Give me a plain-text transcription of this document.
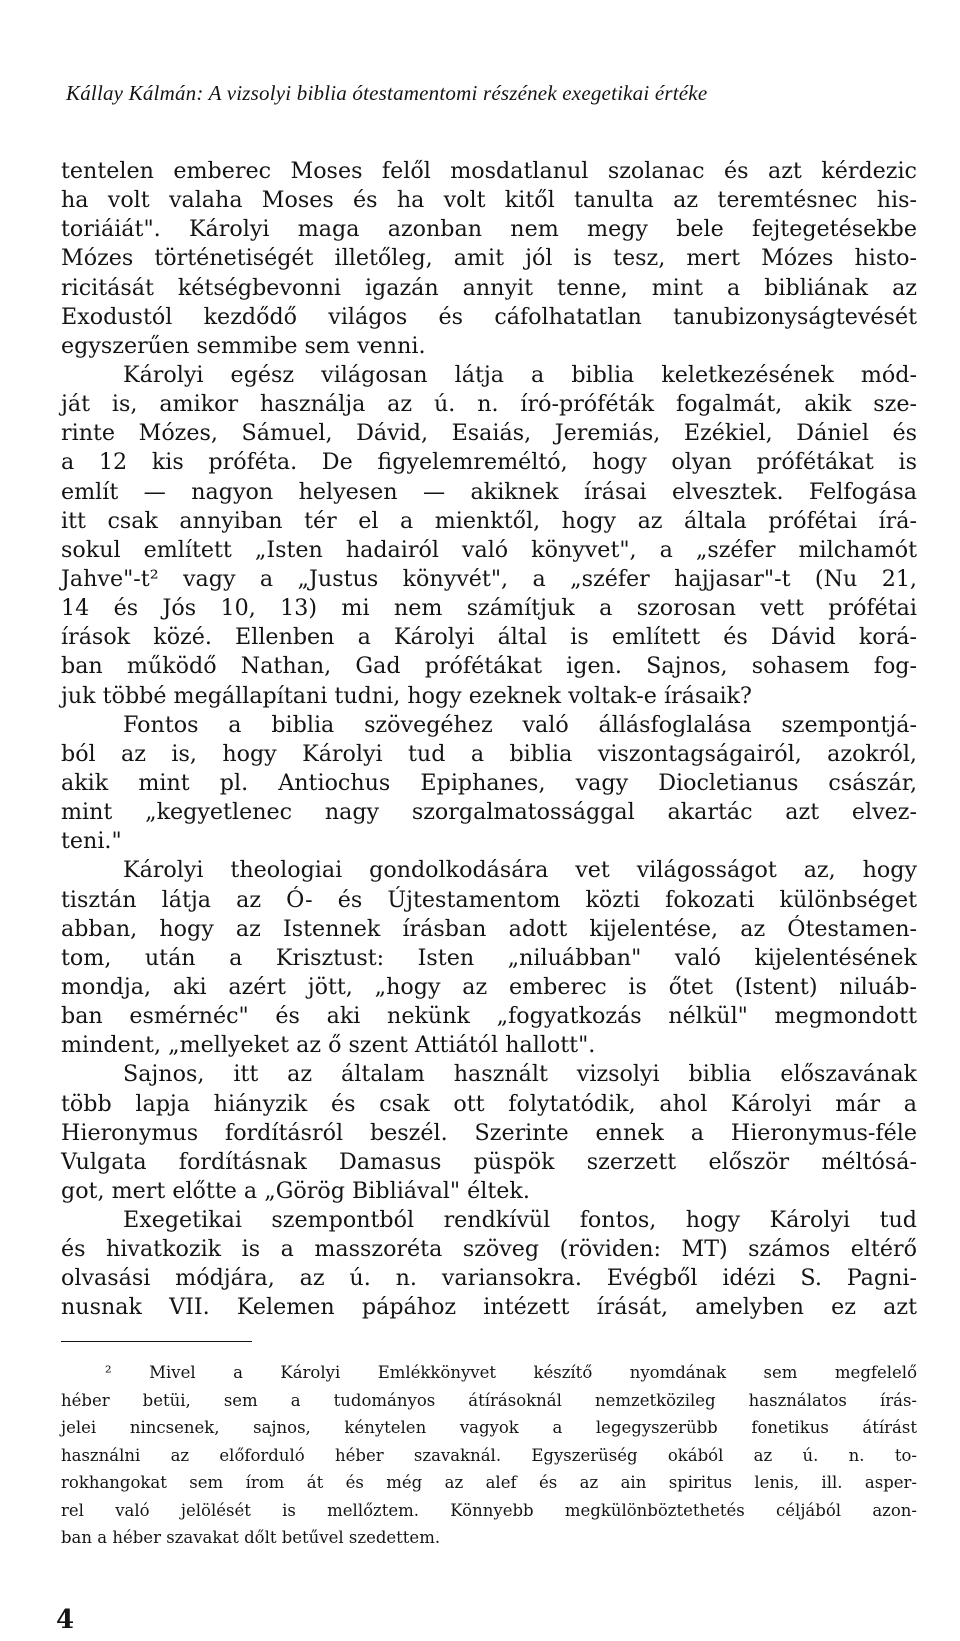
Kállay Kálmán: A vizsolyi biblia ótestamentomi részének exegetikai értéke
tentelen emberec Moses felől mosdatlanul szolanac és azt kérdezic
ha volt valaha Moses és ha volt kitől tanulta az teremtésnec his-
toriáiát". Károlyi maga azonban nem megy bele fejtegetésekbe
Mózes történetiségét illetőleg, amit jól is tesz, mert Mózes histo-
ricitását kétségbevonni igazán annyit tenne, mint a bibliának az
Exodustól kezdődő világos és cáfolhatatlan tanubizonyságtevését
egyszerűen semmibe sem venni.
Károlyi egész világosan látja a biblia keletkezésének mód-
ját is, amikor használja az ú. n. író-próféták fogalmát, akik sze-
rinte Mózes, Sámuel, Dávid, Esaiás, Jeremiás, Ezékiel, Dániel és
a 12 kis próféta. De figyelemreméltó, hogy olyan prófétákat is
említ — nagyon helyesen — akiknek írásai elvesztek. Felfogása
itt csak annyiban tér el a mienktől, hogy az általa prófétai írá-
sokul említett „Isten hadairól való könyvet", a „széfer milchamót
Jahve"-t² vagy a „Justus könyvét", a „széfer hajjasar"-t (Nu 21,
14 és Jós 10, 13) mi nem számítjuk a szorosan vett prófétai
írások közé. Ellenben a Károlyi által is említett és Dávid korá-
ban működő Nathan, Gad prófétákat igen. Sajnos, sohasem fog-
juk többé megállapítani tudni, hogy ezeknek voltak-e írásaik?
Fontos a biblia szövegéhez való állásfoglalása szempontjá-
ból az is, hogy Károlyi tud a biblia viszontagságairól, azokról,
akik mint pl. Antiochus Epiphanes, vagy Diocletianus császár,
mint „kegyetlenec nagy szorgalmatossággal akartác azt elvez-
teni."
Károlyi theologiai gondolkodására vet világosságot az, hogy
tisztán látja az Ó- és Újtestamentom közti fokozati különbséget
abban, hogy az Istennek írásban adott kijelentése, az Ótestamen-
tom, után a Krisztust: Isten „niluábban" való kijelentésének
mondja, aki azért jött, „hogy az emberec is őtet (Istent) niluáb-
ban esmérnéc" és aki nekünk „fogyatkozás nélkül" megmondott
mindent, „mellyeket az ő szent Attiától hallott".
Sajnos, itt az általam használt vizsolyi biblia előszavának
több lapja hiányzik és csak ott folytatódik, ahol Károlyi már a
Hieronymus fordításról beszél. Szerinte ennek a Hieronymus-féle
Vulgata fordításnak Damasus püspök szerzett először méltósá-
got, mert előtte a „Görög Bibliával" éltek.
Exegetikai szempontból rendkívül fontos, hogy Károlyi tud
és hivatkozik is a masszoréta szöveg (röviden: MT) számos eltérő
olvasási módjára, az ú. n. variansokra. Evégből idézi S. Pagni-
nusnak VII. Kelemen pápához intézett írását, amelyben ez azt
² Mivel a Károlyi Emlékkönyvet készítő nyomdának sem megfelelő
héber betüi, sem a tudományos átírásoknál nemzetközileg használatos írás-
jelei nincsenek, sajnos, kénytelen vagyok a legegyszerübb fonetikus átírást
használni az előforduló héber szavaknál. Egyszerüség okából az ú. n. to-
rokhangokat sem írom át és még az alef és az ain spiritus lenis, ill. asper-
rel való jelölését is mellőztem. Könnyebb megkülönböztethetés céljából azon-
ban a héber szavakat dőlt betűvel szedettem.
4
